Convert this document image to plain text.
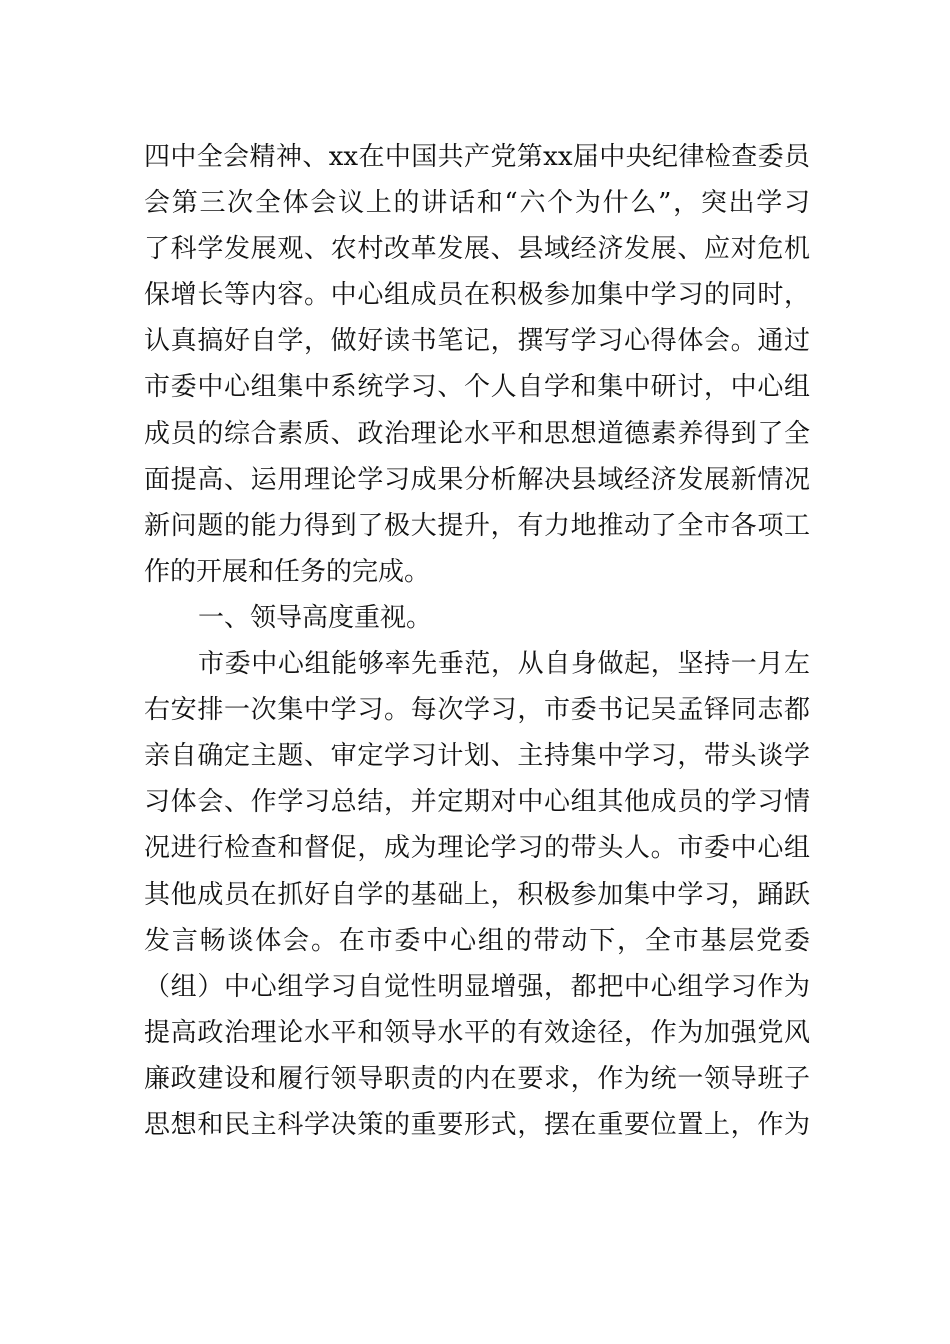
四中全会精神、xx在中国共产党第xx届中央纪律检查委员
会第三次全体会议上的讲话和“六个为什么”，突出学习
了科学发展观、农村改革发展、县域经济发展、应对危机
保增长等内容。中心组成员在积极参加集中学习的同时，
认真搞好自学，做好读书笔记，撰写学习心得体会。通过
市委中心组集中系统学习、个人自学和集中研讨，中心组
成员的综合素质、政治理论水平和思想道德素养得到了全
面提高、运用理论学习成果分析解决县域经济发展新情况
新问题的能力得到了极大提升，有力地推动了全市各项工
作的开展和任务的完成。
一、领导高度重视。
市委中心组能够率先垂范，从自身做起，坚持一月左
右安排一次集中学习。每次学习，市委书记吴孟铎同志都
亲自确定主题、审定学习计划、主持集中学习，带头谈学
习体会、作学习总结，并定期对中心组其他成员的学习情
况进行检查和督促，成为理论学习的带头人。市委中心组
其他成员在抓好自学的基础上，积极参加集中学习，踊跃
发言畅谈体会。在市委中心组的带动下，全市基层党委
（组）中心组学习自觉性明显增强，都把中心组学习作为
提高政治理论水平和领导水平的有效途径，作为加强党风
廉政建设和履行领导职责的内在要求，作为统一领导班子
思想和民主科学决策的重要形式，摆在重要位置上，作为
